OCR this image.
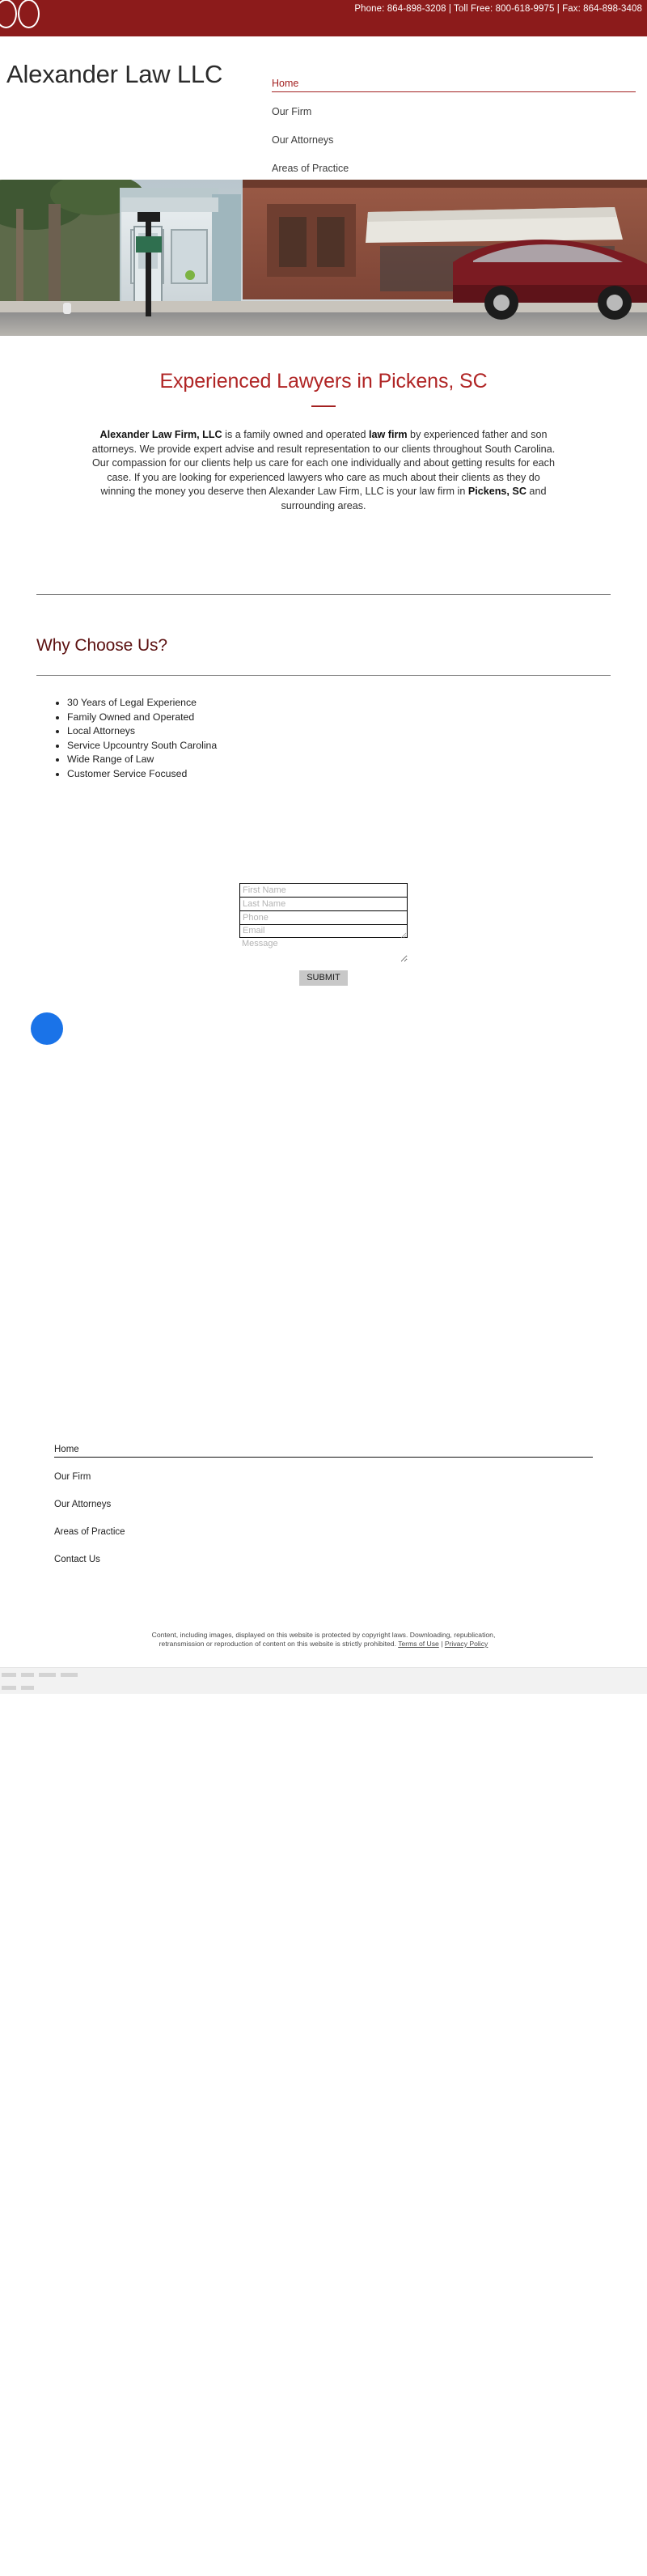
Phone: 864-898-3208 | Toll Free: 800-618-9975 | Fax: 864-898-3408
Alexander Law LLC	Home
Our Firm
Our Attorneys
Areas of Practice
Experienced Lawyers in Pickens, SC

Alexander Law Firm, LLC is a family owned and operated law firm by experienced father and son attorneys. We provide expert advise and result representation to our clients throughout South Carolina. Our compassion for our clients help us care for each one individually and about getting results for each case. If you are looking for experienced lawyers who care as much about their clients as they do winning the money you deserve then Alexander Law Firm, LLC is your law firm in Pickens, SC and surrounding areas.

Why Choose Us?
• 30 Years of Legal Experience
• Family Owned and Operated
• Local Attorneys
• Service Upcountry South Carolina
• Wide Range of Law
• Customer Service Focused
First Name
Last Name
Phone
Email
Message
SUBMIT
Home
Our Firm
Our Attorneys
Areas of Practice
Contact Us
Content, including images, displayed on this website is protected by copyright laws. Downloading, republication, retransmission or reproduction of content on this website is strictly prohibited. Terms of Use | Privacy Policy
